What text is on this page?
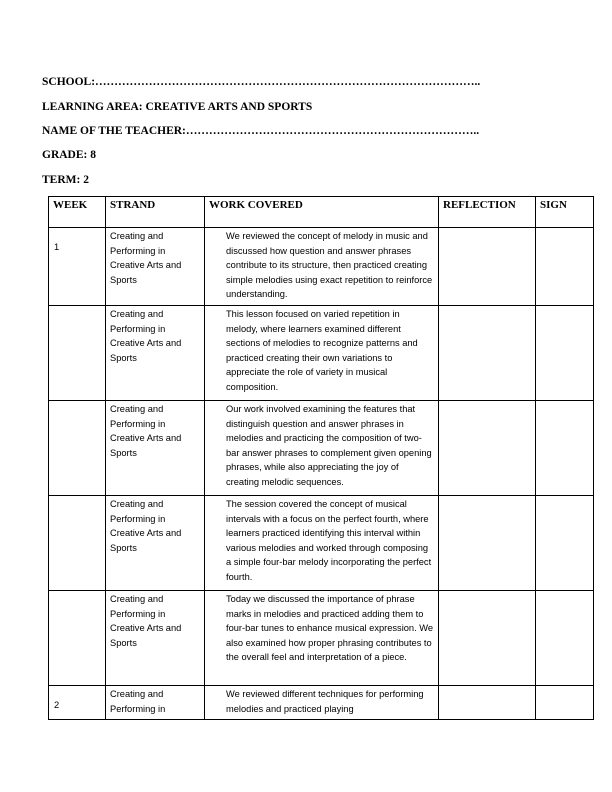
SCHOOL:………………………………………………………………………………………..
LEARNING AREA: CREATIVE ARTS AND SPORTS
NAME OF THE TEACHER:…………………………………………………………………..
GRADE: 8
TERM: 2
WEEK	STRAND	WORK COVERED	REFLECTION	SIGN
1	Creating and Performing in Creative Arts and Sports	We reviewed the concept of melody in music and discussed how question and answer phrases contribute to its structure, then practiced creating simple melodies using exact repetition to reinforce understanding.		
	Creating and Performing in Creative Arts and Sports	This lesson focused on varied repetition in melody, where learners examined different sections of melodies to recognize patterns and practiced creating their own variations to appreciate the role of variety in musical composition.		
	Creating and Performing in Creative Arts and Sports	Our work involved examining the features that distinguish question and answer phrases in melodies and practicing the composition of two-bar answer phrases to complement given opening phrases, while also appreciating the joy of creating melodic sequences.		
	Creating and Performing in Creative Arts and Sports	The session covered the concept of musical intervals with a focus on the perfect fourth, where learners practiced identifying this interval within various melodies and worked through composing a simple four-bar melody incorporating the perfect fourth.		
	Creating and Performing in Creative Arts and Sports	Today we discussed the importance of phrase marks in melodies and practiced adding them to four-bar tunes to enhance musical expression. We also examined how proper phrasing contributes to the overall feel and interpretation of a piece.		
2	Creating and Performing in	We reviewed different techniques for performing melodies and practiced playing		
